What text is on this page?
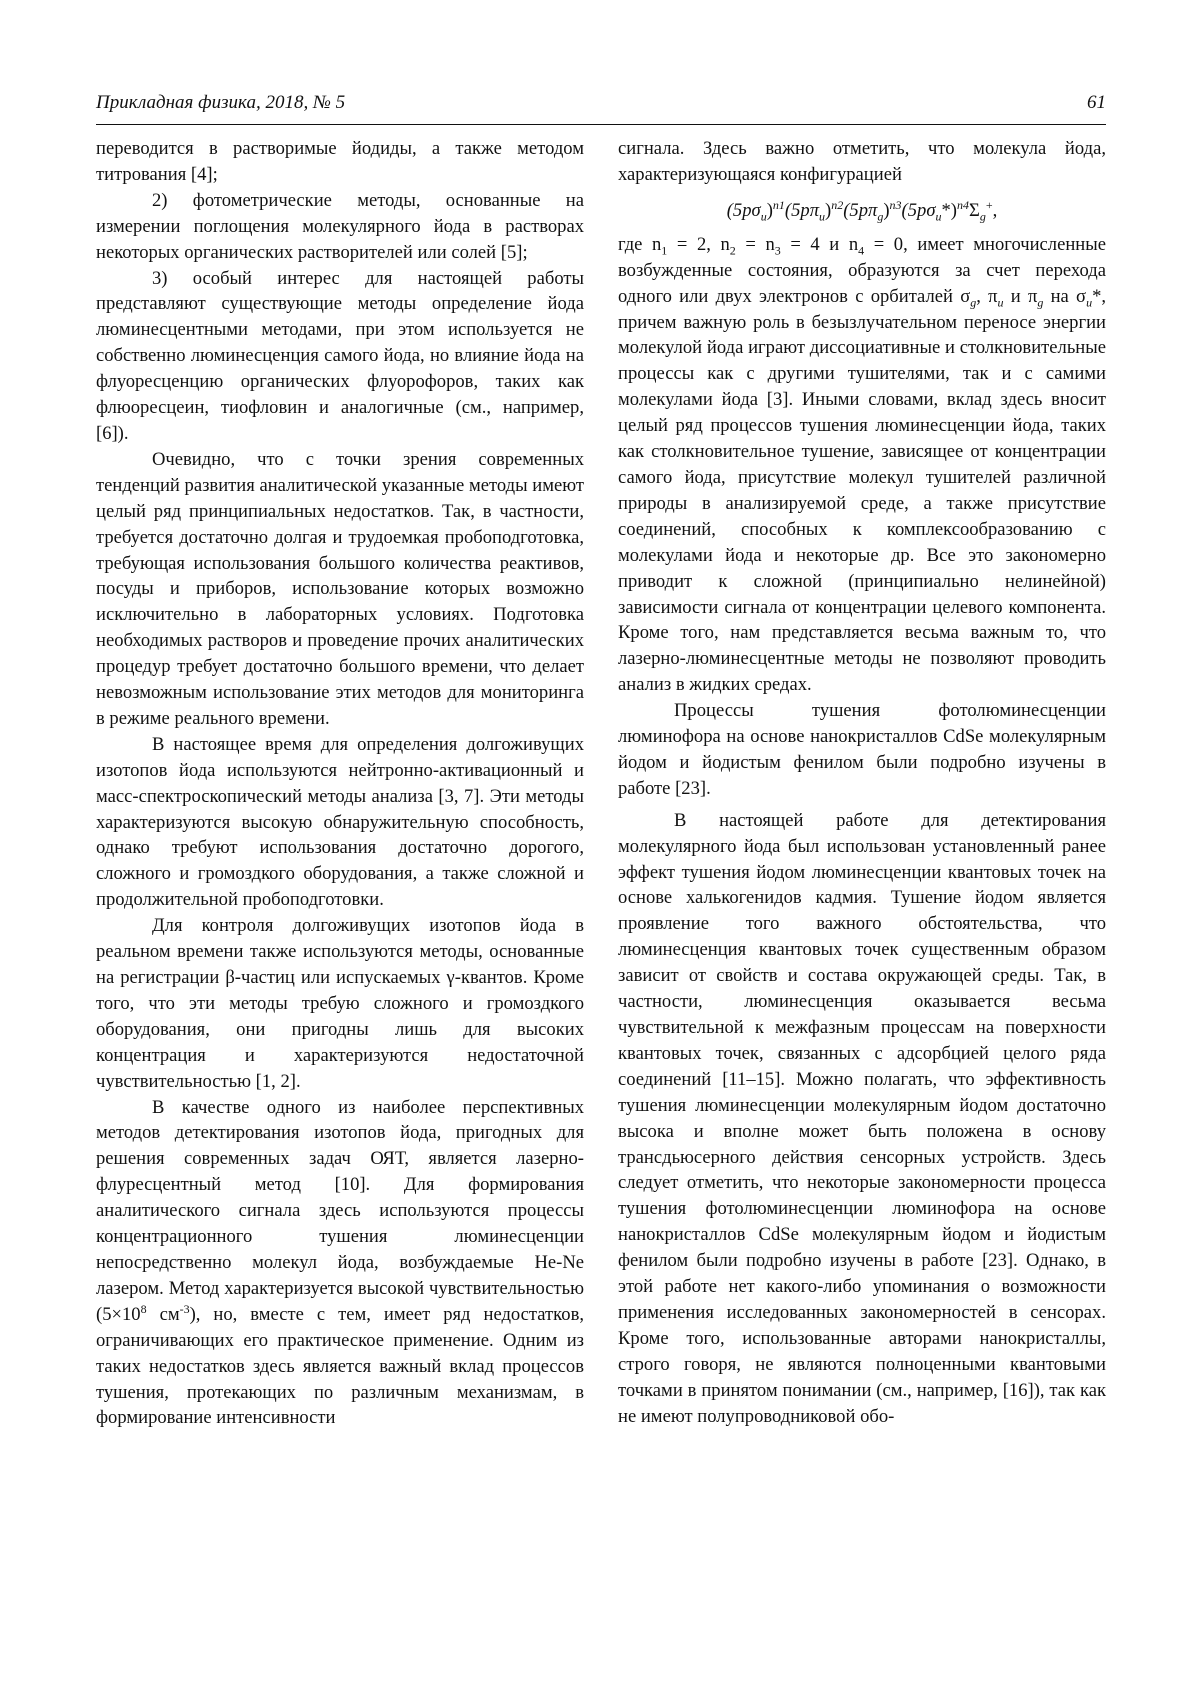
Прикладная физика, 2018, № 5	61

переводится в растворимые йодиды, а также методом титрования [4];

2) фотометрические методы, основанные на измерении поглощения молекулярного йода в растворах некоторых органических растворителей или солей [5];

3) особый интерес для настоящей работы представляют существующие методы определение йода люминесцентными методами, при этом используется не собственно люминесценция самого йода, но влияние йода на флуоресценцию органических флуорофоров, таких как флюоресцеин, тиофловин и аналогичные (см., например, [6]).

Очевидно, что с точки зрения современных тенденций развития аналитической указанные методы имеют целый ряд принципиальных недостатков. Так, в частности, требуется достаточно долгая и трудоемкая пробоподготовка, требующая использования большого количества реактивов, посуды и приборов, использование которых возможно исключительно в лабораторных условиях. Подготовка необходимых растворов и проведение прочих аналитических процедур требует достаточно большого времени, что делает невозможным использование этих методов для мониторинга в режиме реального времени.

В настоящее время для определения долгоживущих изотопов йода используются нейтронно-активационный и масс-спектроскопический методы анализа [3, 7]. Эти методы характеризуются высокую обнаружительную способность, однако требуют использования достаточно дорогого, сложного и громоздкого оборудования, а также сложной и продолжительной пробоподготовки.

Для контроля долгоживущих изотопов йода в реальном времени также используются методы, основанные на регистрации β-частиц или испускаемых γ-квантов. Кроме того, что эти методы требую сложного и громоздкого оборудования, они пригодны лишь для высоких концентрация и характеризуются недостаточной чувствительностью [1, 2].

В качестве одного из наиболее перспективных методов детектирования изотопов йода, пригодных для решения современных задач ОЯТ, является лазерно-флуресцентный метод [10]. Для формирования аналитического сигнала здесь используются процессы концентрационного тушения люминесценции непосредственно молекул йода, возбуждаемые He-Ne лазером. Метод характеризуется высокой чувствительностью ($5\times 10^8$ $см^{-3}$), но, вместе с тем, имеет ряд недостатков, ограничивающих его практическое применение. Одним из таких недостатков здесь является важный вклад процессов тушения, протекающих по различным механизмам, в формирование интенсивности

сигнала. Здесь важно отметить, что молекула йода, характеризующаяся конфигурацией

$(5p\sigma_u)^{n1}(5p\pi_u)^{n2}(5p\pi_g)^{n3}(5p\sigma_u*)^{n4}\Sigma_g^+$,

где $n_1 = 2$, $n_2 = n_3 = 4$ и $n_4 = 0$, имеет многочисленные возбужденные состояния, образуются за счет перехода одного или двух электронов с орбиталей $\sigma_g$, $\pi_u$ и $\pi_g$ на $\sigma_u*$, причем важную роль в безызлучательном переносе энергии молекулой йода играют диссоциативные и столкновительные процессы как с другими тушителями, так и с самими молекулами йода [3]. Иными словами, вклад здесь вносит целый ряд процессов тушения люминесценции йода, таких как столкновительное тушение, зависящее от концентрации самого йода, присутствие молекул тушителей различной природы в анализируемой среде, а также присутствие соединений, способных к комплексообразованию с молекулами йода и некоторые др. Все это закономерно приводит к сложной (принципиально нелинейной) зависимости сигнала от концентрации целевого компонента. Кроме того, нам представляется весьма важным то, что лазерно-люминесцентные методы не позволяют проводить анализ в жидких средах.

Процессы тушения фотолюминесценции люминофора на основе нанокристаллов CdSe молекулярным йодом и йодистым фенилом были подробно изучены в работе [23].

В настоящей работе для детектирования молекулярного йода был использован установленный ранее эффект тушения йодом люминесценции квантовых точек на основе халькогенидов кадмия. Тушение йодом является проявление того важного обстоятельства, что люминесценция квантовых точек существенным образом зависит от свойств и состава окружающей среды. Так, в частности, люминесценция оказывается весьма чувствительной к межфазным процессам на поверхности квантовых точек, связанных с адсорбцией целого ряда соединений [11–15]. Можно полагать, что эффективность тушения люминесценции молекулярным йодом достаточно высока и вполне может быть положена в основу трансдьюсерного действия сенсорных устройств. Здесь следует отметить, что некоторые закономерности процесса тушения фотолюминесценции люминофора на основе нанокристаллов CdSe молекулярным йодом и йодистым фенилом были подробно изучены в работе [23]. Однако, в этой работе нет какого-либо упоминания о возможности применения исследованных закономерностей в сенсорах. Кроме того, использованные авторами нанокристаллы, строго говоря, не являются полноценными квантовыми точками в принятом понимании (см., например, [16]), так как не имеют полупроводниковой обо-
